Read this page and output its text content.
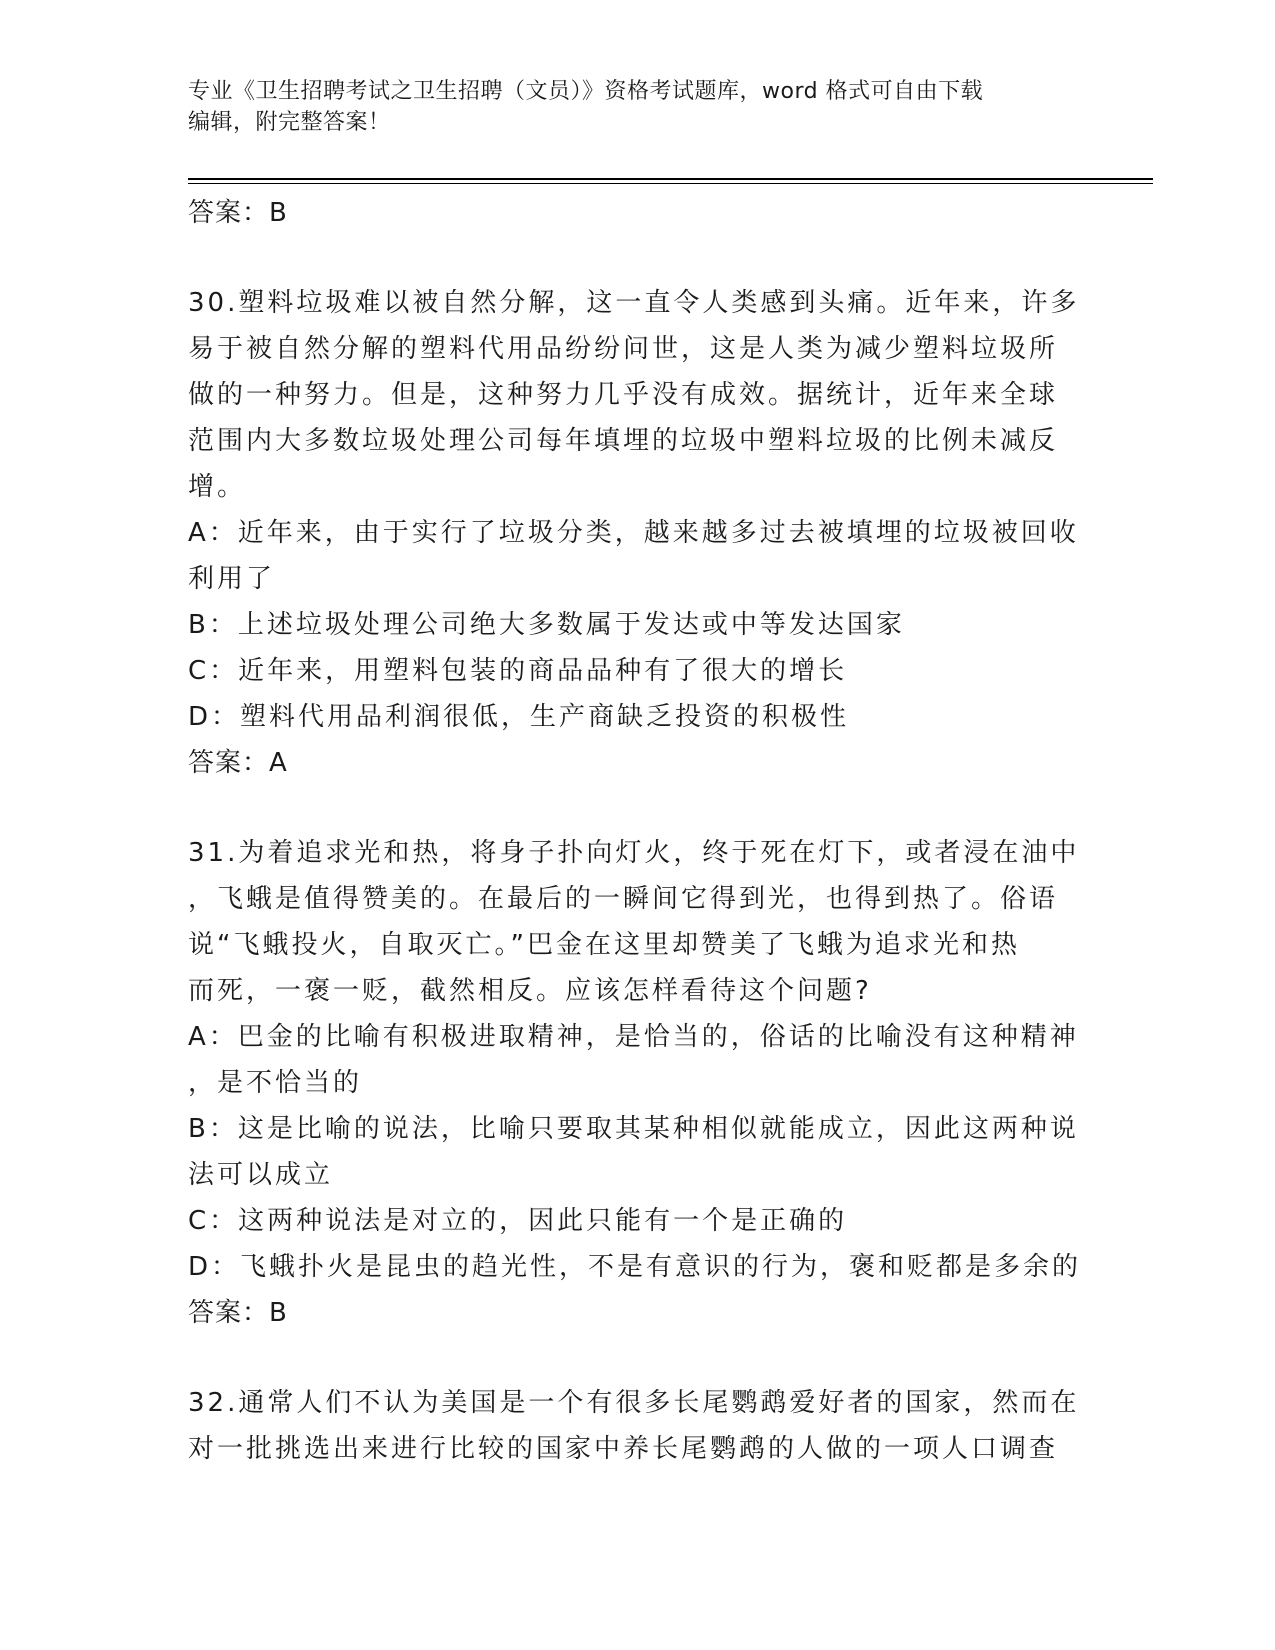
专业《卫生招聘考试之卫生招聘（文员）》资格考试题库，word 格式可自由下载
编辑，附完整答案！
答案：B
30.塑料垃圾难以被自然分解，这一直令人类感到头痛。近年来，许多
易于被自然分解的塑料代用品纷纷问世，这是人类为减少塑料垃圾所
做的一种努力。但是，这种努力几乎没有成效。据统计，近年来全球
范围内大多数垃圾处理公司每年填埋的垃圾中塑料垃圾的比例未减反
增。
A：近年来，由于实行了垃圾分类，越来越多过去被填埋的垃圾被回收
利用了
B：上述垃圾处理公司绝大多数属于发达或中等发达国家
C：近年来，用塑料包装的商品品种有了很大的增长
D：塑料代用品利润很低，生产商缺乏投资的积极性
答案：A
31.为着追求光和热，将身子扑向灯火，终于死在灯下，或者浸在油中
，飞蛾是值得赞美的。在最后的一瞬间它得到光，也得到热了。俗语
说“飞蛾投火，自取灭亡。”巴金在这里却赞美了飞蛾为追求光和热
而死，一褒一贬，截然相反。应该怎样看待这个问题?
A：巴金的比喻有积极进取精神，是恰当的，俗话的比喻没有这种精神
，是不恰当的
B：这是比喻的说法，比喻只要取其某种相似就能成立，因此这两种说
法可以成立
C：这两种说法是对立的，因此只能有一个是正确的
D：飞蛾扑火是昆虫的趋光性，不是有意识的行为，褒和贬都是多余的
答案：B
32.通常人们不认为美国是一个有很多长尾鹦鹉爱好者的国家，然而在
对一批挑选出来进行比较的国家中养长尾鹦鹉的人做的一项人口调查
